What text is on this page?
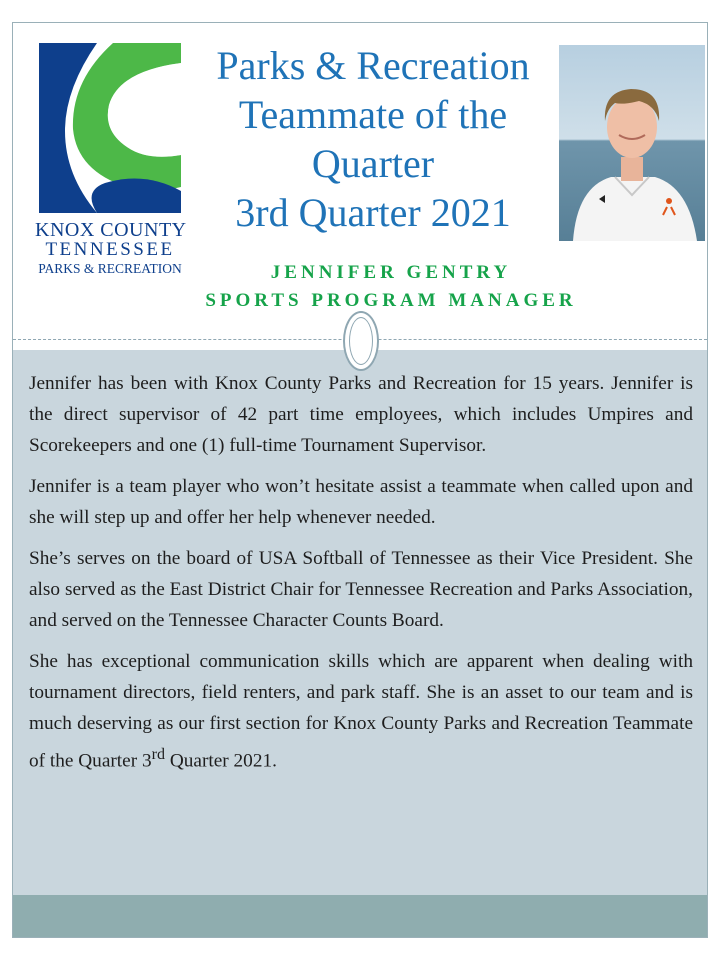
KNOX COUNTY
TENNESSEE
PARKS & RECREATION
Parks & Recreation
Teammate of the
Quarter
3rd Quarter 2021
JENNIFER GENTRY
SPORTS PROGRAM MANAGER

Jennifer has been with Knox County Parks and Recreation for 15 years. Jennifer is the direct supervisor of 42 part time employees, which includes Umpires and Scorekeepers and one (1) full-time Tournament Supervisor.

Jennifer is a team player who won’t hesitate assist a teammate when called upon and she will step up and offer her help whenever needed.

She’s serves on the board of USA Softball of Tennessee as their Vice President. She also served as the East District Chair for Tennessee Recreation and Parks Association, and served on the Tennessee Character Counts Board.

She has exceptional communication skills which are apparent when dealing with tournament directors, field renters, and park staff. She is an asset to our team and is much deserving as our first section for Knox County Parks and Recreation Teammate of the Quarter 3rd Quarter 2021.
